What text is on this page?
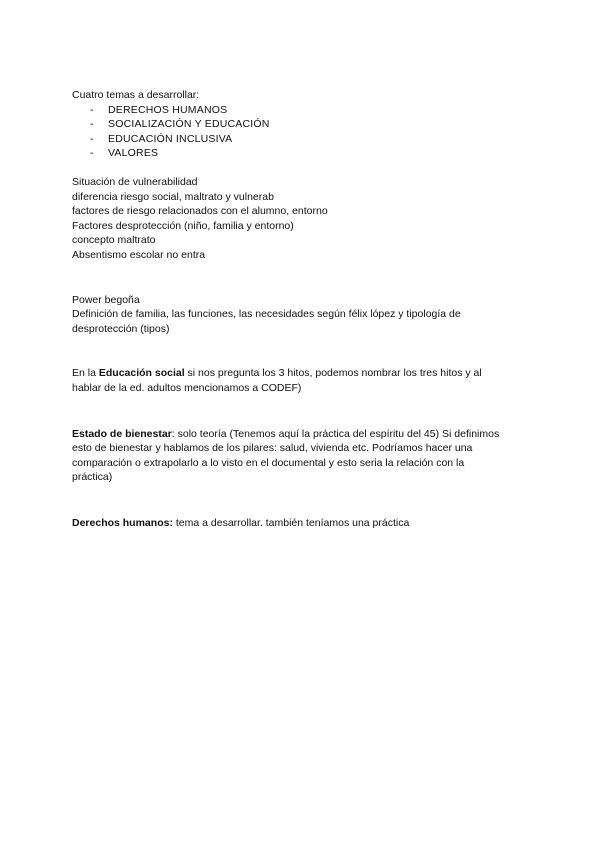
Cuatro temas a desarrollar:

- DERECHOS HUMANOS
- SOCIALIZACIÓN Y EDUCACIÓN
- EDUCACIÓN INCLUSIVA
- VALORES

Situación de vulnerabilidad

diferencia riesgo social, maltrato y vulnerab

factores de riesgo relacionados con el alumno, entorno

Factores desprotección (niño, familia y entorno)

concepto maltrato

Absentismo escolar no entra

Power begoña

Definición de familia, las funciones, las necesidades según félix lópez y tipología de

desprotección (tipos)

En la Educación social si nos pregunta los 3 hitos, podemos nombrar los tres hitos y al

hablar de la ed. adultos mencionamos a CODEF)

Estado de bienestar: solo teoría (Tenemos aquí la práctica del espíritu del 45) Si definimos

esto de bienestar y hablamos de los pilares: salud, vivienda etc. Podríamos hacer una

comparación o extrapolarlo a lo visto en el documental y esto seria la relación con la

práctica)

Derechos humanos: tema a desarrollar. también teníamos una práctica
